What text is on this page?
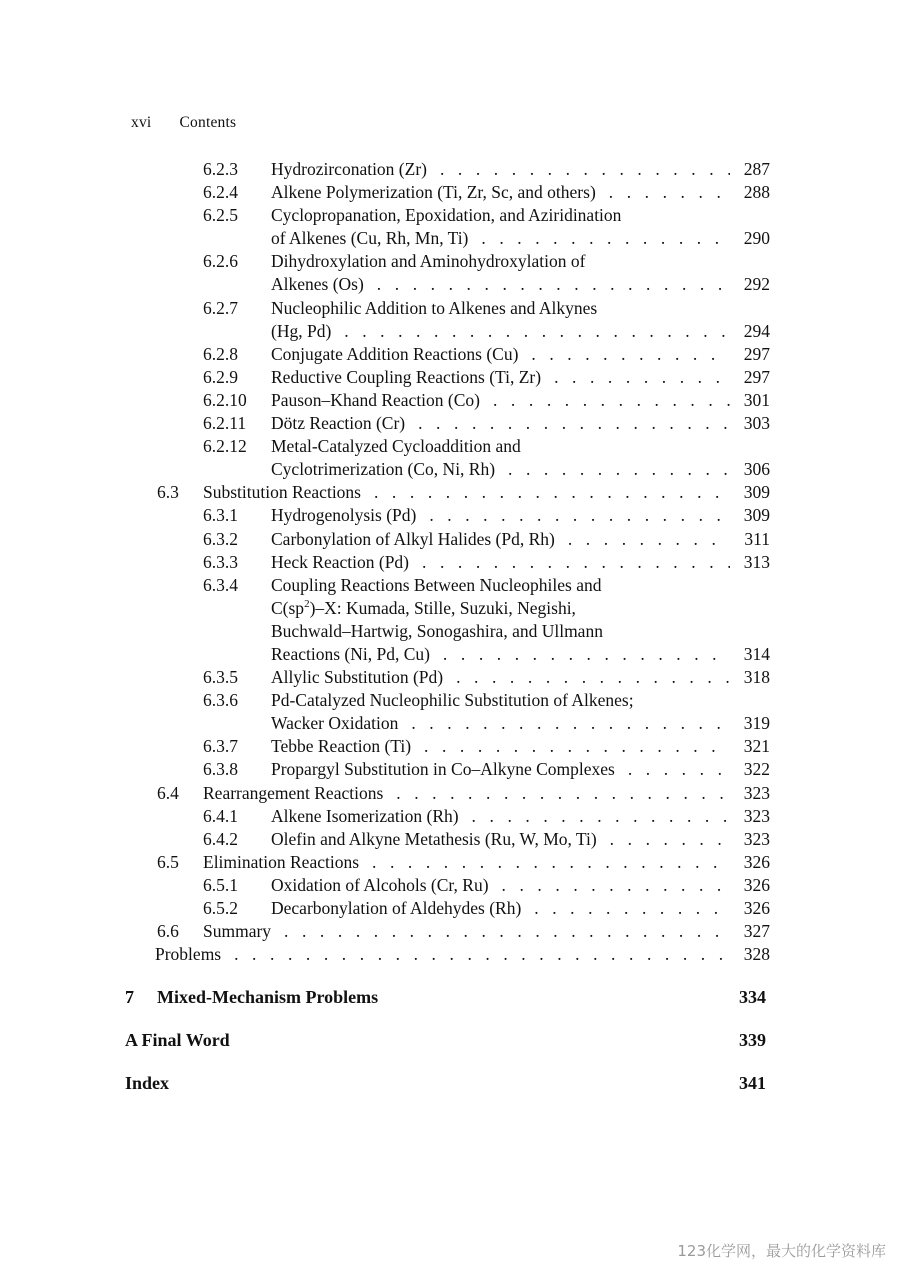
xvi Contents
6.2.3 Hydrozirconation (Zr) . . .	287
6.2.4 Alkene Polymerization (Ti, Zr, Sc, and others) . . .	288
6.2.5 Cyclopropanation, Epoxidation, and Aziridination
of Alkenes (Cu, Rh, Mn, Ti) . . .	290
6.2.6 Dihydroxylation and Aminohydroxylation of
Alkenes (Os) . . .	292
6.2.7 Nucleophilic Addition to Alkenes and Alkynes
(Hg, Pd) . . .	294
6.2.8 Conjugate Addition Reactions (Cu) . . .	297
6.2.9 Reductive Coupling Reactions (Ti, Zr) . . .	297
6.2.10 Pauson–Khand Reaction (Co) . . .	301
6.2.11 Dötz Reaction (Cr) . . .	303
6.2.12 Metal-Catalyzed Cycloaddition and
Cyclotrimerization (Co, Ni, Rh) . . .	306
6.3 Substitution Reactions . . .	309
6.3.1 Hydrogenolysis (Pd) . . .	309
6.3.2 Carbonylation of Alkyl Halides (Pd, Rh) . . .	311
6.3.3 Heck Reaction (Pd) . . .	313
6.3.4 Coupling Reactions Between Nucleophiles and
$C(sp^2)-X$: Kumada, Stille, Suzuki, Negishi,
Buchwald–Hartwig, Sonogashira, and Ullmann
Reactions (Ni, Pd, Cu) . . .	314
6.3.5 Allylic Substitution (Pd) . . .	318
6.3.6 Pd-Catalyzed Nucleophilic Substitution of Alkenes;
Wacker Oxidation . . .	319
6.3.7 Tebbe Reaction (Ti) . . .	321
6.3.8 Propargyl Substitution in Co–Alkyne Complexes . . .	322
6.4 Rearrangement Reactions . . .	323
6.4.1 Alkene Isomerization (Rh) . . .	323
6.4.2 Olefin and Alkyne Metathesis (Ru, W, Mo, Ti) . . .	323
6.5 Elimination Reactions . . .	326
6.5.1 Oxidation of Alcohols (Cr, Ru) . . .	326
6.5.2 Decarbonylation of Aldehydes (Rh) . . .	326
6.6 Summary . . .	327
Problems . . .	328
7 Mixed-Mechanism Problems	334
A Final Word	339
Index	341
123化学网，最大的化学资料库
